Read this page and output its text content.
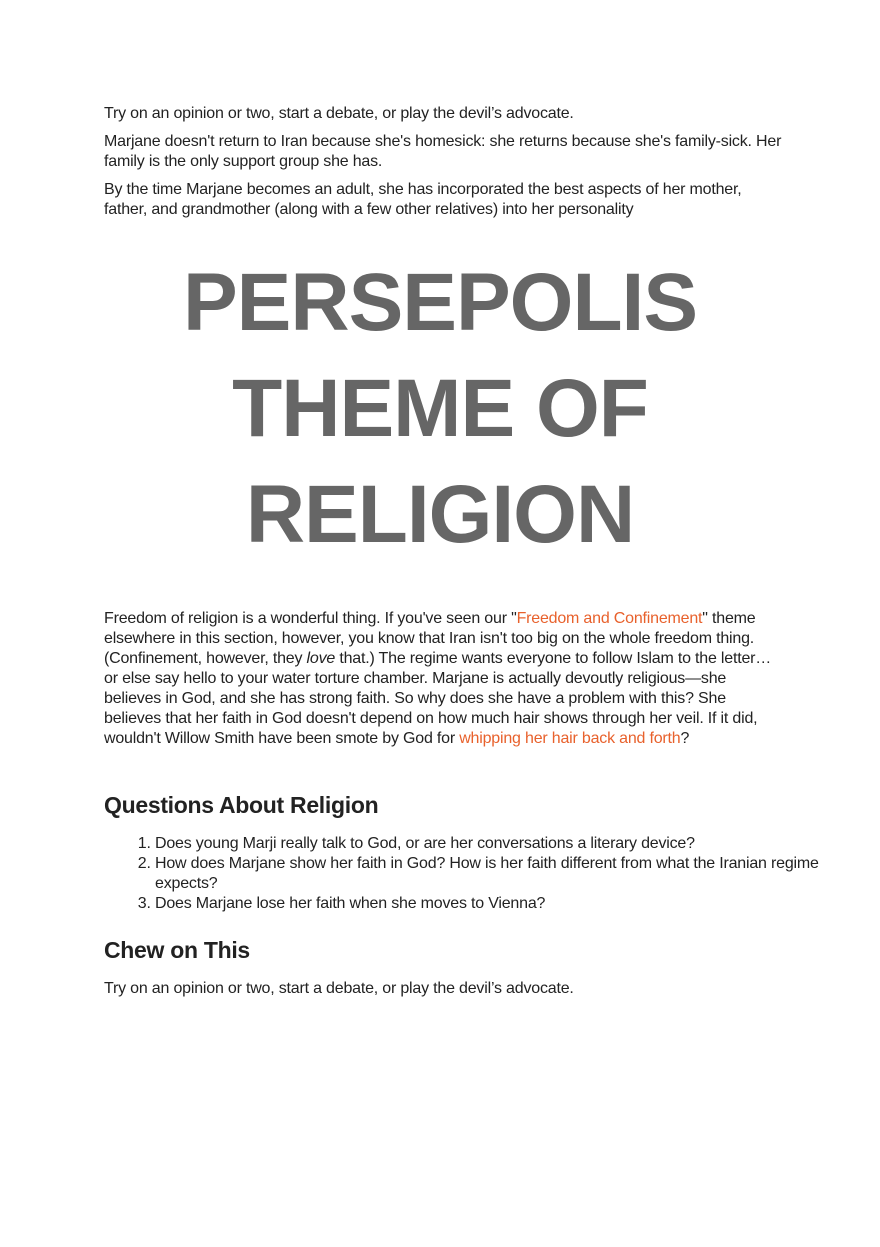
Try on an opinion or two, start a debate, or play the devil’s advocate.

Marjane doesn't return to Iran because she's homesick: she returns because she's family-sick. Her family is the only support group she has.

By the time Marjane becomes an adult, she has incorporated the best aspects of her mother, father, and grandmother (along with a few other relatives) into her personality

PERSEPOLIS
THEME OF
RELIGION
Freedom of religion is a wonderful thing. If you've seen our "Freedom and Confinement" theme elsewhere in this section, however, you know that Iran isn't too big on the whole freedom thing. (Confinement, however, they love that.) The regime wants everyone to follow Islam to the letter… or else say hello to your water torture chamber. Marjane is actually devoutly religious—she believes in God, and she has strong faith. So why does she have a problem with this? She believes that her faith in God doesn't depend on how much hair shows through her veil. If it did, wouldn't Willow Smith have been smote by God for whipping her hair back and forth?
Questions About Religion
1. Does young Marji really talk to God, or are her conversations a literary device?
2. How does Marjane show her faith in God? How is her faith different from what the Iranian regime expects?
3. Does Marjane lose her faith when she moves to Vienna?
Chew on This
Try on an opinion or two, start a debate, or play the devil’s advocate.
